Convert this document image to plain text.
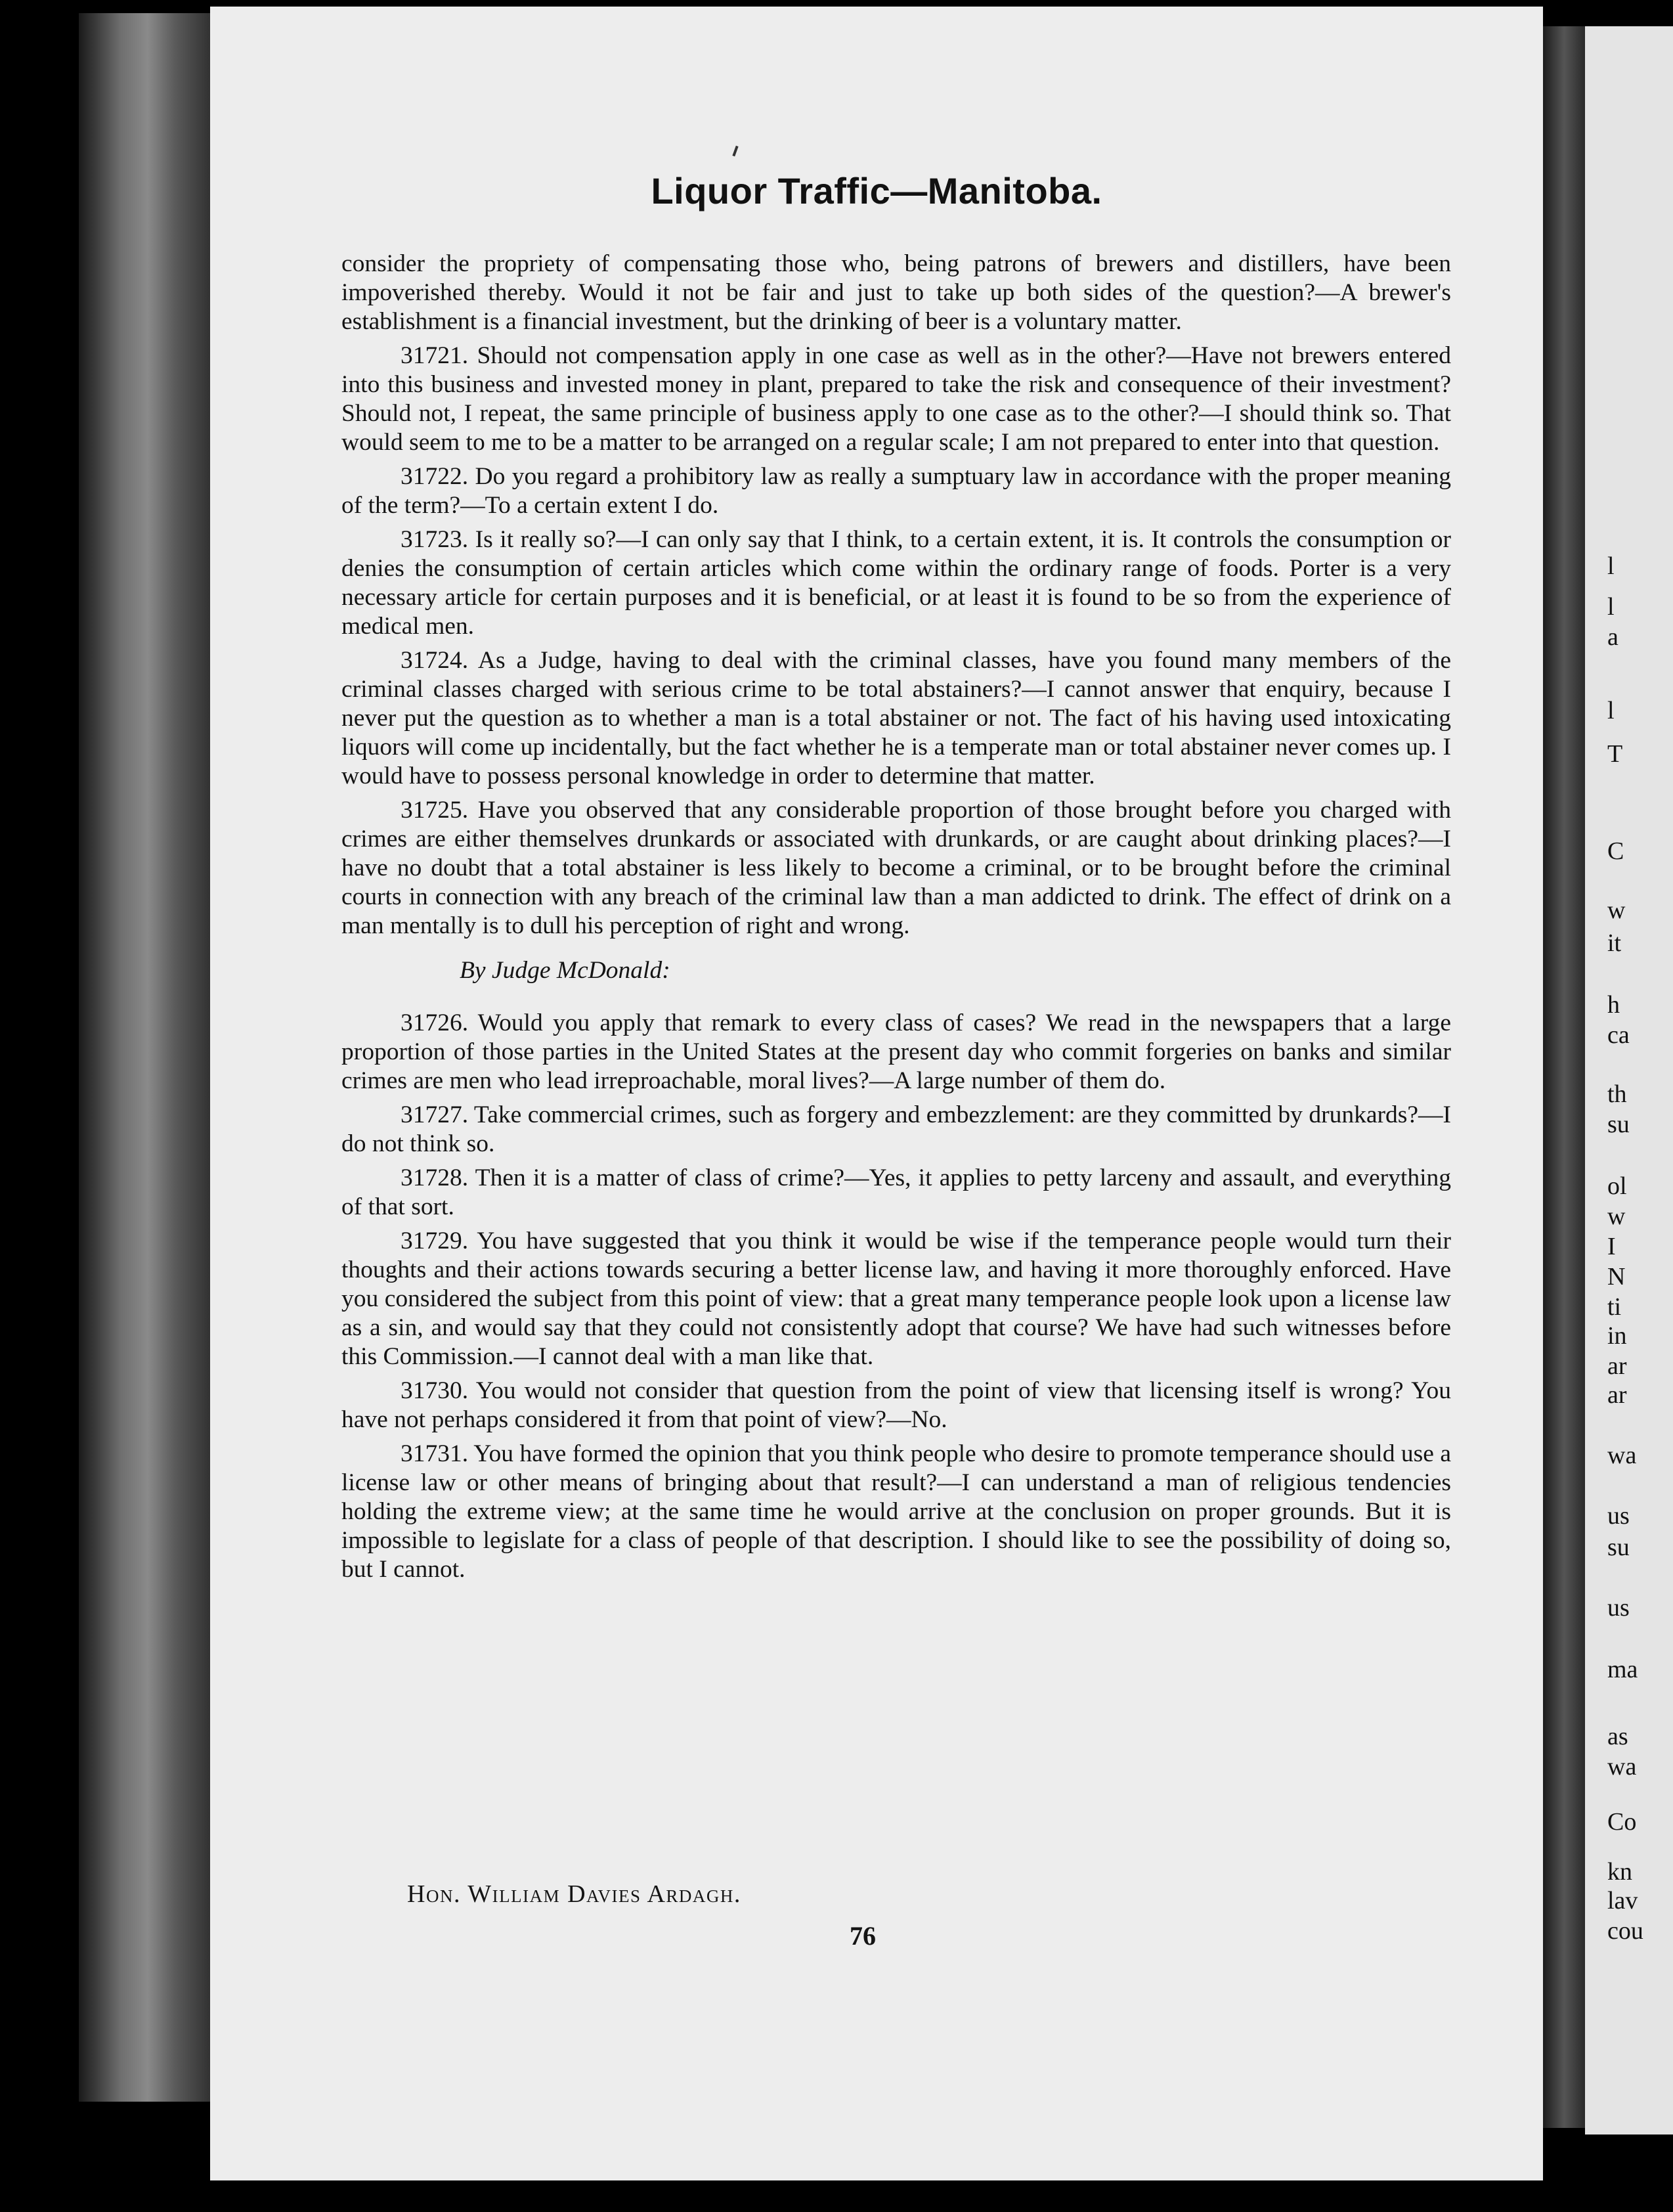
l
l
a
l
T
C
w
it
h
ca
th
su
ol
w
I
N
ti
in
ar
ar
wa
us
su
us
ma
as
wa
Co
kn
lav
cou
Liquor Traffic—Manitoba.

consider the propriety of compensating those who, being patrons of brewers and distillers, have been impoverished thereby. Would it not be fair and just to take up both sides of the question?—A brewer's establishment is a financial investment, but the drinking of beer is a voluntary matter.

31721. Should not compensation apply in one case as well as in the other?—Have not brewers entered into this business and invested money in plant, prepared to take the risk and consequence of their investment? Should not, I repeat, the same principle of business apply to one case as to the other?—I should think so. That would seem to me to be a matter to be arranged on a regular scale; I am not prepared to enter into that question.

31722. Do you regard a prohibitory law as really a sumptuary law in accordance with the proper meaning of the term?—To a certain extent I do.

31723. Is it really so?—I can only say that I think, to a certain extent, it is. It controls the consumption or denies the consumption of certain articles which come within the ordinary range of foods. Porter is a very necessary article for certain purposes and it is beneficial, or at least it is found to be so from the experience of medical men.

31724. As a Judge, having to deal with the criminal classes, have you found many members of the criminal classes charged with serious crime to be total abstainers?—I cannot answer that enquiry, because I never put the question as to whether a man is a total abstainer or not. The fact of his having used intoxicating liquors will come up incidentally, but the fact whether he is a temperate man or total abstainer never comes up. I would have to possess personal knowledge in order to determine that matter.

31725. Have you observed that any considerable proportion of those brought before you charged with crimes are either themselves drunkards or associated with drunkards, or are caught about drinking places?—I have no doubt that a total abstainer is less likely to become a criminal, or to be brought before the criminal courts in connection with any breach of the criminal law than a man addicted to drink. The effect of drink on a man mentally is to dull his perception of right and wrong.

By Judge McDonald:

31726. Would you apply that remark to every class of cases? We read in the newspapers that a large proportion of those parties in the United States at the present day who commit forgeries on banks and similar crimes are men who lead irreproachable, moral lives?—A large number of them do.

31727. Take commercial crimes, such as forgery and embezzlement: are they committed by drunkards?—I do not think so.

31728. Then it is a matter of class of crime?—Yes, it applies to petty larceny and assault, and everything of that sort.

31729. You have suggested that you think it would be wise if the temperance people would turn their thoughts and their actions towards securing a better license law, and having it more thoroughly enforced. Have you considered the subject from this point of view: that a great many temperance people look upon a license law as a sin, and would say that they could not consistently adopt that course? We have had such witnesses before this Commission.—I cannot deal with a man like that.

31730. You would not consider that question from the point of view that licensing itself is wrong? You have not perhaps considered it from that point of view?—No.

31731. You have formed the opinion that you think people who desire to promote temperance should use a license law or other means of bringing about that result?—I can understand a man of religious tendencies holding the extreme view; at the same time he would arrive at the conclusion on proper grounds. But it is impossible to legislate for a class of people of that description. I should like to see the possibility of doing so, but I cannot.

Hon. William Davies Ardagh.
76
